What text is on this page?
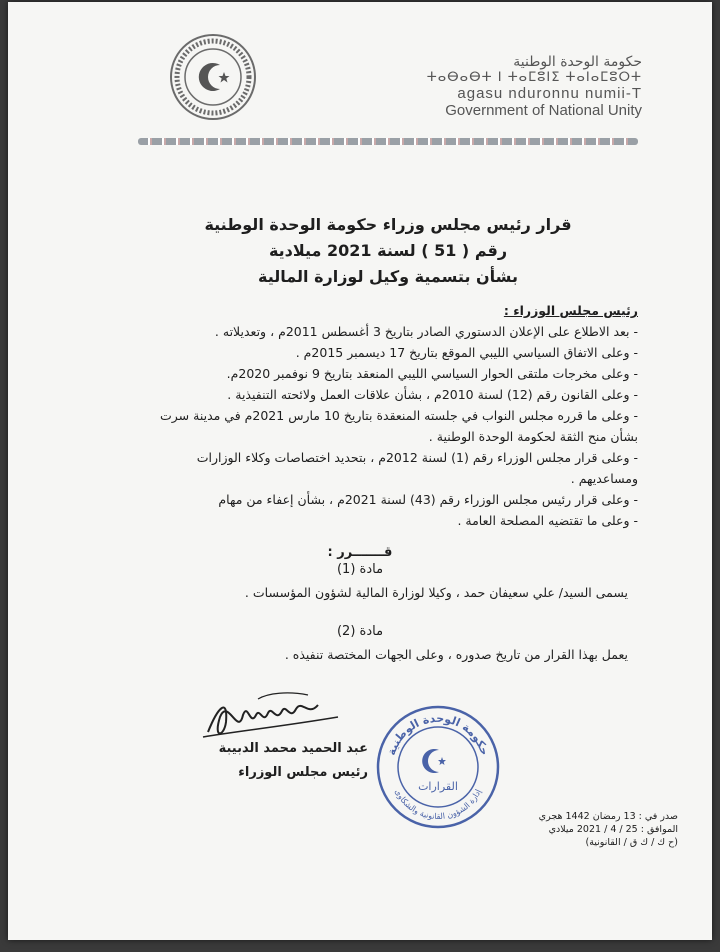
حكومة الوحدة الوطنية
ⵜⴰⴱⴰⴱⵜ ⵏ ⵜⴰⵎⵓⵏⵉ ⵜⴰⵏⴰⵎⵓⵔⵜ
agasu nduronnu numii-T
Government of National Unity
قرار رئيس مجلس وزراء حكومة الوحدة الوطنية
رقم ( 51 ) لسنة 2021 ميلادية
بشأن بتسمية وكيل لوزارة المالية
رئيس مجلس الوزراء :
- بعد الاطلاع على الإعلان الدستوري الصادر بتاريخ 3 أغسطس 2011م ، وتعديلاته .
- وعلى الاتفاق السياسي الليبي الموقع بتاريخ 17 ديسمبر 2015م .
- وعلى مخرجات ملتقى الحوار السياسي الليبي المنعقد بتاريخ 9 نوفمبر 2020م.
- وعلى القانون رقم (12) لسنة 2010م ، بشأن علاقات العمل ولائحته التنفيذية .
- وعلى ما قرره مجلس النواب في جلسته المنعقدة بتاريخ 10 مارس 2021م في مدينة سرت بشأن منح الثقة لحكومة الوحدة الوطنية .
- وعلى قرار مجلس الوزراء رقم (1) لسنة 2012م ، بتحديد اختصاصات وكلاء الوزارات ومساعديهم .
- وعلى قرار رئيس مجلس الوزراء رقم (43) لسنة 2021م ، بشأن إعفاء من مهام
- وعلى ما تقتضيه المصلحة العامة .
قـــــــرر :
مادة (1)
يسمى السيد/ علي سعيفان حمد ، وكيلا لوزارة المالية لشؤون المؤسسات .
مادة (2)
يعمل بهذا القرار من تاريخ صدوره ، وعلى الجهات المختصة تنفيذه .
عبد الحميد محمد الدبيبة
رئيس مجلس الوزراء
حكومة الوحدة الوطنية
إدارة الشؤون القانونية والشكاوى
القرارات
صدر في : 13 رمضان 1442 هجري
الموافق : 25 / 4 / 2021 ميلادي
(ح ك / ك ق / القانونية)
